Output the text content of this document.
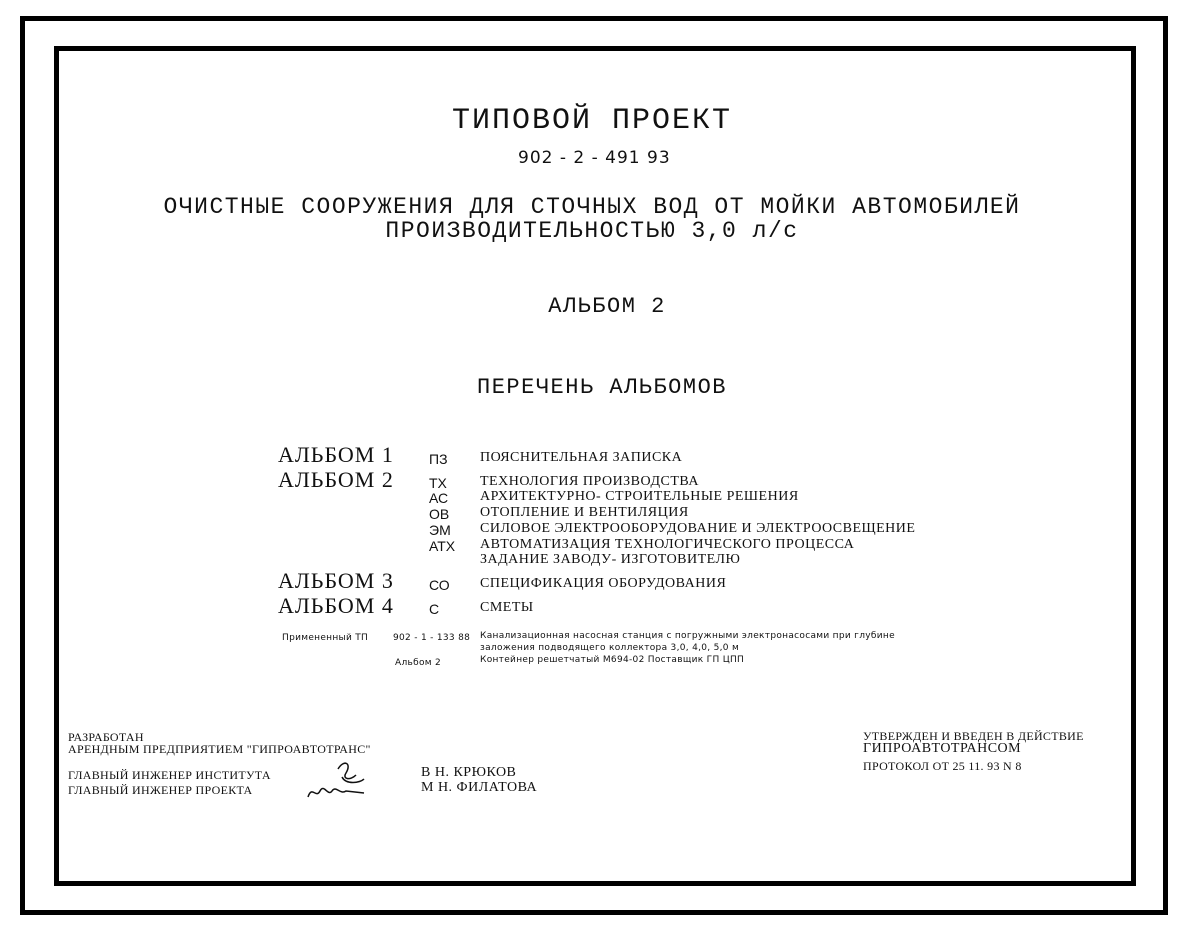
ТИПОВОЙ ПРОЕКТ
902 - 2 - 491 93
ОЧИСТНЫЕ СООРУЖЕНИЯ ДЛЯ СТОЧНЫХ ВОД ОТ МОЙКИ АВТОМОБИЛЕЙ
ПРОИЗВОДИТЕЛЬНОСТЬЮ 3,0 л/с
АЛЬБОМ 2
ПЕРЕЧЕНЬ АЛЬБОМОВ
АЛЬБОМ 1	ПЗ ПОЯСНИТЕЛЬНАЯ ЗАПИСКА
АЛЬБОМ 2	ТХ ТЕХНОЛОГИЯ ПРОИЗВОДСТВА
АС АРХИТЕКТУРНО- СТРОИТЕЛЬНЫЕ РЕШЕНИЯ
ОВ ОТОПЛЕНИЕ И ВЕНТИЛЯЦИЯ
ЭМ СИЛОВОЕ ЭЛЕКТРООБОРУДОВАНИЕ И ЭЛЕКТРООСВЕЩЕНИЕ
АТХ АВТОМАТИЗАЦИЯ ТЕХНОЛОГИЧЕСКОГО ПРОЦЕССА
ЗАДАНИЕ ЗАВОДУ- ИЗГОТОВИТЕЛЮ
АЛЬБОМ 3	СО СПЕЦИФИКАЦИЯ ОБОРУДОВАНИЯ
АЛЬБОМ 4	С	СМЕТЫ
Примененный ТП	902 - 1 - 133 88 Канализационная насосная станция с погружными электронасосами при глубине
заложения подводящего коллектора 3,0, 4,0, 5,0 м
Альбом 2	Контейнер решетчатый М694-02 Поставщик ГП ЦПП
РАЗРАБОТАН
АРЕНДНЫМ ПРЕДПРИЯТИЕМ "ГИПРОАВТОТРАНС"
ГЛАВНЫЙ ИНЖЕНЕР ИНСТИТУТА
ГЛАВНЫЙ ИНЖЕНЕР ПРОЕКТА
В Н. КРЮКОВ
М Н. ФИЛАТОВА
УТВЕРЖДЕН И ВВЕДЕН В ДЕЙСТВИЕ
ГИПРОАВТОТРАНСОМ
ПРОТОКОЛ ОТ 25 11. 93 N 8
